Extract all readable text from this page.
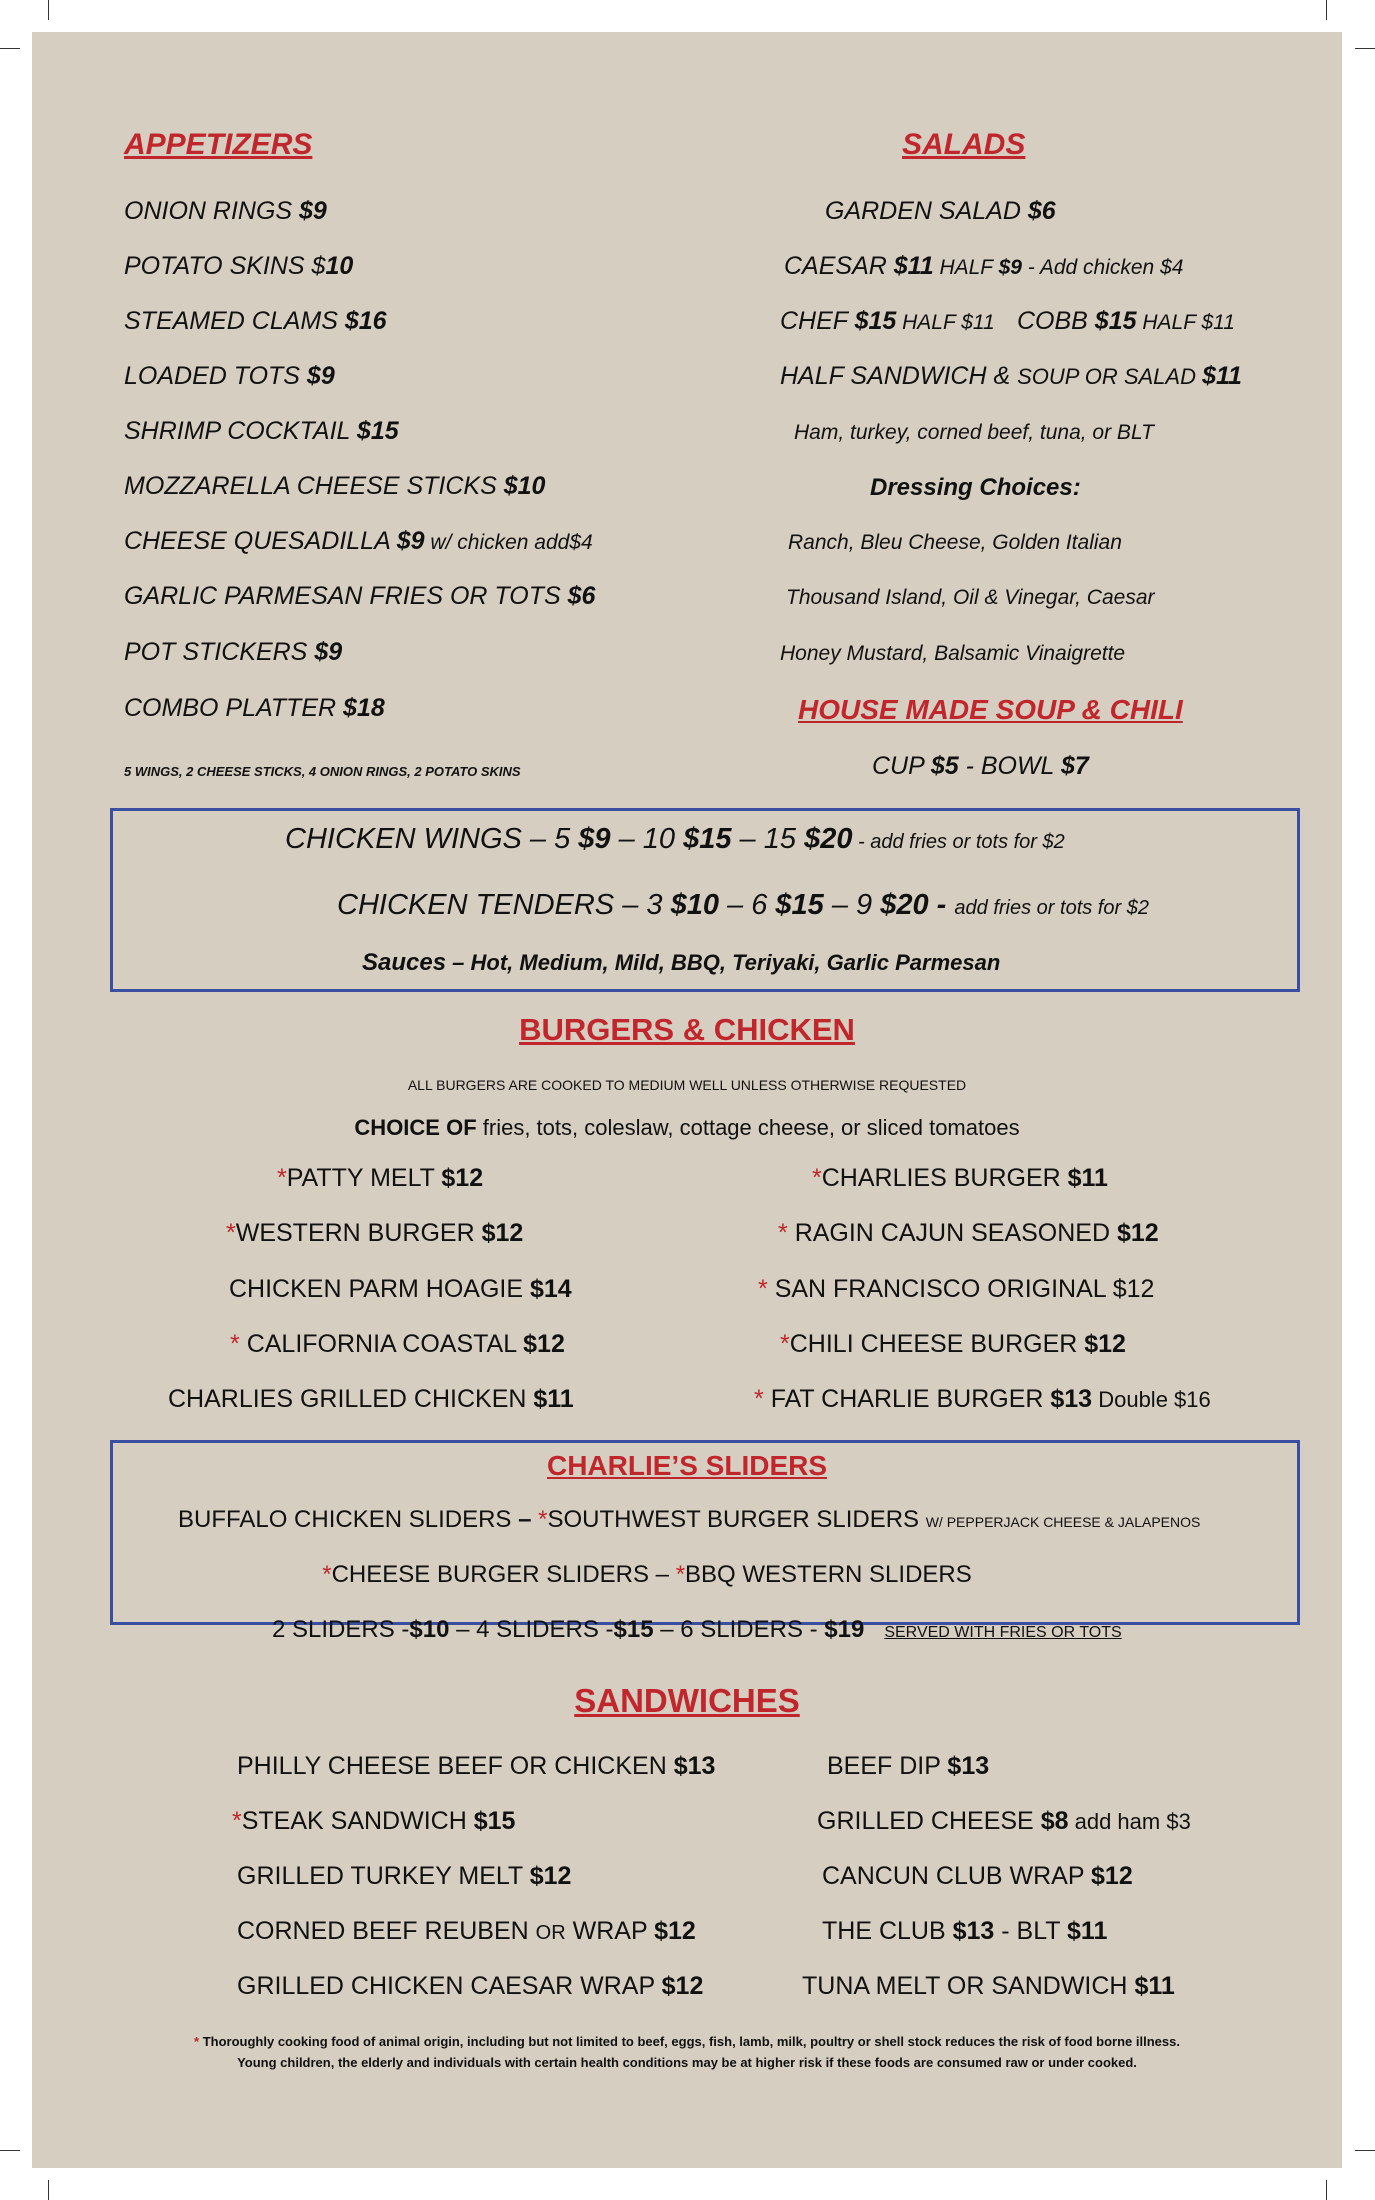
APPETIZERS
ONION RINGS $9
POTATO SKINS $10
STEAMED CLAMS $16
LOADED TOTS $9
SHRIMP COCKTAIL $15
MOZZARELLA CHEESE STICKS $10
CHEESE QUESADILLA $9 w/ chicken add$4
GARLIC PARMESAN FRIES OR TOTS $6
POT STICKERS $9
COMBO PLATTER $18
5 WINGS, 2 CHEESE STICKS, 4 ONION RINGS, 2 POTATO SKINS
SALADS
GARDEN SALAD $6
CAESAR $11 HALF $9 - Add chicken $4
CHEF $15 HALF $11 COBB $15 HALF $11
HALF SANDWICH & SOUP OR SALAD $11
Ham, turkey, corned beef, tuna, or BLT
Dressing Choices:
Ranch, Bleu Cheese, Golden Italian
Thousand Island, Oil & Vinegar, Caesar
Honey Mustard, Balsamic Vinaigrette
HOUSE MADE SOUP & CHILI
CUP $5 - BOWL $7
CHICKEN WINGS – 5 $9 – 10 $15 – 15 $20 - add fries or tots for $2
CHICKEN TENDERS – 3 $10 – 6 $15 – 9 $20 - add fries or tots for $2
Sauces – Hot, Medium, Mild, BBQ, Teriyaki, Garlic Parmesan
BURGERS & CHICKEN
ALL BURGERS ARE COOKED TO MEDIUM WELL UNLESS OTHERWISE REQUESTED
CHOICE OF fries, tots, coleslaw, cottage cheese, or sliced tomatoes
*PATTY MELT $12
*WESTERN BURGER $12
CHICKEN PARM HOAGIE $14
* CALIFORNIA COASTAL $12
CHARLIES GRILLED CHICKEN $11
*CHARLIES BURGER $11
* RAGIN CAJUN SEASONED $12
* SAN FRANCISCO ORIGINAL $12
*CHILI CHEESE BURGER $12
* FAT CHARLIE BURGER $13 Double $16
CHARLIE’S SLIDERS
BUFFALO CHICKEN SLIDERS – *SOUTHWEST BURGER SLIDERS W/ PEPPERJACK CHEESE & JALAPENOS
*CHEESE BURGER SLIDERS – *BBQ WESTERN SLIDERS
2 SLIDERS -$10 – 4 SLIDERS -$15 – 6 SLIDERS - $19 SERVED WITH FRIES OR TOTS
SANDWICHES
PHILLY CHEESE BEEF OR CHICKEN $13
*STEAK SANDWICH $15
GRILLED TURKEY MELT $12
CORNED BEEF REUBEN OR WRAP $12
GRILLED CHICKEN CAESAR WRAP $12
BEEF DIP $13
GRILLED CHEESE $8 add ham $3
CANCUN CLUB WRAP $12
THE CLUB $13 - BLT $11
TUNA MELT OR SANDWICH $11
* Thoroughly cooking food of animal origin, including but not limited to beef, eggs, fish, lamb, milk, poultry or shell stock reduces the risk of food borne illness.
Young children, the elderly and individuals with certain health conditions may be at higher risk if these foods are consumed raw or under cooked.
